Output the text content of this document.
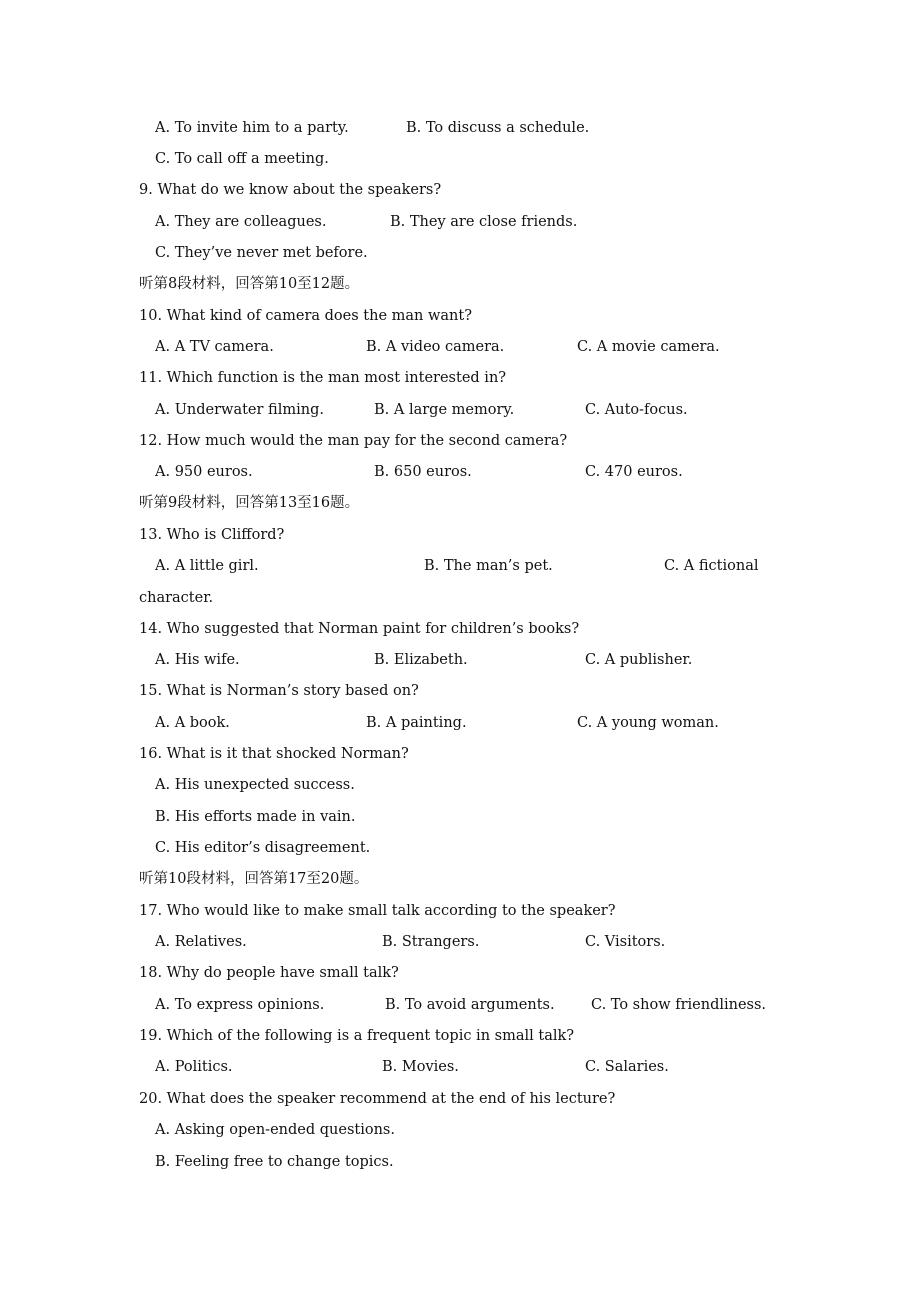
A. To invite him to a party.	B. To discuss a schedule.
C. To call off a meeting.
9. What do we know about the speakers?
A. They are colleagues.	B. They are close friends.
C. They’ve never met before.
听第8段材料，回答第10至12题。
10. What kind of camera does the man want?
A. A TV camera.	B. A video camera.	C. A movie camera.
11. Which function is the man most interested in?
A. Underwater filming.	B. A large memory.	C. Auto-focus.
12. How much would the man pay for the second camera?
A. 950 euros.	B. 650 euros.	C. 470 euros.
听第9段材料，回答第13至16题。
13. Who is Clifford?
A. A little girl.	B. The man’s pet.	C. A fictional
character.
14. Who suggested that Norman paint for children’s books?
A. His wife.	B. Elizabeth.	C. A publisher.
15. What is Norman’s story based on?
A. A book.	B. A painting.	C. A young woman.
16. What is it that shocked Norman?
A. His unexpected success.
B. His efforts made in vain.
C. His editor’s disagreement.
听第10段材料，回答第17至20题。
17. Who would like to make small talk according to the speaker?
A. Relatives.	B. Strangers.	C. Visitors.
18. Why do people have small talk?
A. To express opinions.	B. To avoid arguments.	C. To show friendliness.
19. Which of the following is a frequent topic in small talk?
A. Politics.	B. Movies.	C. Salaries.
20. What does the speaker recommend at the end of his lecture?
A. Asking open-ended questions.
B. Feeling free to change topics.
